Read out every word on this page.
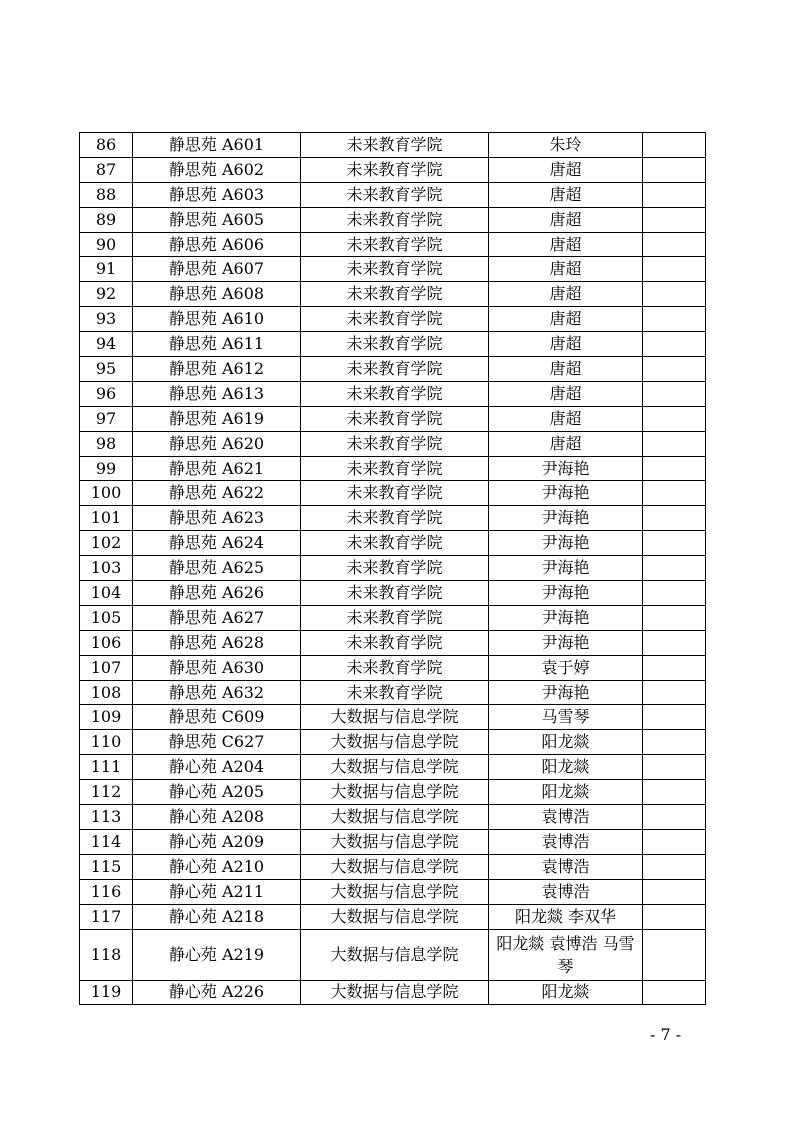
86	静思苑 A601	未来教育学院	朱玲	
87	静思苑 A602	未来教育学院	唐超	
88	静思苑 A603	未来教育学院	唐超	
89	静思苑 A605	未来教育学院	唐超	
90	静思苑 A606	未来教育学院	唐超	
91	静思苑 A607	未来教育学院	唐超	
92	静思苑 A608	未来教育学院	唐超	
93	静思苑 A610	未来教育学院	唐超	
94	静思苑 A611	未来教育学院	唐超	
95	静思苑 A612	未来教育学院	唐超	
96	静思苑 A613	未来教育学院	唐超	
97	静思苑 A619	未来教育学院	唐超	
98	静思苑 A620	未来教育学院	唐超	
99	静思苑 A621	未来教育学院	尹海艳	
100	静思苑 A622	未来教育学院	尹海艳	
101	静思苑 A623	未来教育学院	尹海艳	
102	静思苑 A624	未来教育学院	尹海艳	
103	静思苑 A625	未来教育学院	尹海艳	
104	静思苑 A626	未来教育学院	尹海艳	
105	静思苑 A627	未来教育学院	尹海艳	
106	静思苑 A628	未来教育学院	尹海艳	
107	静思苑 A630	未来教育学院	袁于婷	
108	静思苑 A632	未来教育学院	尹海艳	
109	静思苑 C609	大数据与信息学院	马雪琴	
110	静思苑 C627	大数据与信息学院	阳龙燚	
111	静心苑 A204	大数据与信息学院	阳龙燚	
112	静心苑 A205	大数据与信息学院	阳龙燚	
113	静心苑 A208	大数据与信息学院	袁博浩	
114	静心苑 A209	大数据与信息学院	袁博浩	
115	静心苑 A210	大数据与信息学院	袁博浩	
116	静心苑 A211	大数据与信息学院	袁博浩	
117	静心苑 A218	大数据与信息学院	阳龙燚 李双华	
118	静心苑 A219	大数据与信息学院	阳龙燚 袁博浩 马雪琴	
119	静心苑 A226	大数据与信息学院	阳龙燚	
- 7 -
